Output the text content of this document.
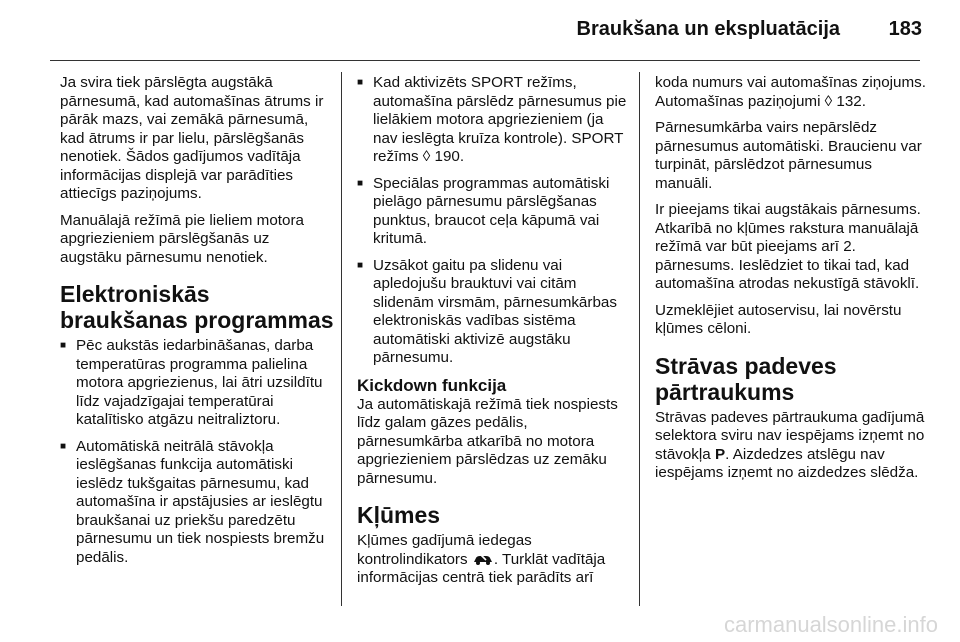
Braukšana un ekspluatācija 183

Ja svira tiek pārslēgta augstākā pārnesumā, kad automašīnas ātrums ir pārāk mazs, vai zemākā pārnesumā, kad ātrums ir par lielu, pārslēgšanās nenotiek. Šādos gadījumos vadītāja informācijas displejā var parādīties attiecīgs paziņojums.

Manuālajā režīmā pie lieliem motora apgriezieniem pārslēgšanās uz augstāku pārnesumu nenotiek.

Elektroniskās braukšanas programmas
■ Pēc aukstās iedarbināšanas, darba temperatūras programma palielina motora apgriezienus, lai ātri uzsildītu līdz vajadzīgajai temperatūrai katalītisko atgāzu neitraliztoru.
■ Automātiskā neitrālā stāvokļa ieslēgšanas funkcija automātiski ieslēdz tukšgaitas pārnesumu, kad automašīna ir apstājusies ar ieslēgtu braukšanai uz priekšu paredzētu pārnesumu un tiek nospiests bremžu pedālis.
■ Kad aktivizēts SPORT režīms, automašīna pārslēdz pārnesumus pie lielākiem motora apgriezieniem (ja nav ieslēgta kruīza kontrole). SPORT režīms ◊ 190.
■ Speciālas programmas automātiski pielāgo pārnesumu pārslēgšanas punktus, braucot ceļa kāpumā vai kritumā.
■ Uzsākot gaitu pa slidenu vai apledojušu brauktuvi vai citām slidenām virsmām, pārnesumkārbas elektroniskās vadības sistēma automātiski aktivizē augstāku pārnesumu.
Kickdown funkcija

Ja automātiskajā režīmā tiek nospiests līdz galam gāzes pedālis, pārnesumkārba atkarībā no motora apgriezieniem pārslēdzas uz zemāku pārnesumu.

Kļūmes

Kļūmes gadījumā iedegas kontrolindikators . Turklāt vadītāja informācijas centrā tiek parādīts arī

koda numurs vai automašīnas ziņojums. Automašīnas paziņojumi ◊ 132.

Pārnesumkārba vairs nepārslēdz pārnesumus automātiski. Braucienu var turpināt, pārslēdzot pārnesumus manuāli.

Ir pieejams tikai augstākais pārnesums. Atkarībā no kļūmes rakstura manuālajā režīmā var būt pieejams arī 2. pārnesums. Ieslēdziet to tikai tad, kad automašīna atrodas nekustīgā stāvoklī.

Uzmeklējiet autoservisu, lai novērstu kļūmes cēloni.

Strāvas padeves pārtraukums

Strāvas padeves pārtraukuma gadījumā selektora sviru nav iespējams izņemt no stāvokļa P. Aizdedzes atslēgu nav iespējams izņemt no aizdedzes slēdža.

carmanualsonline.info
